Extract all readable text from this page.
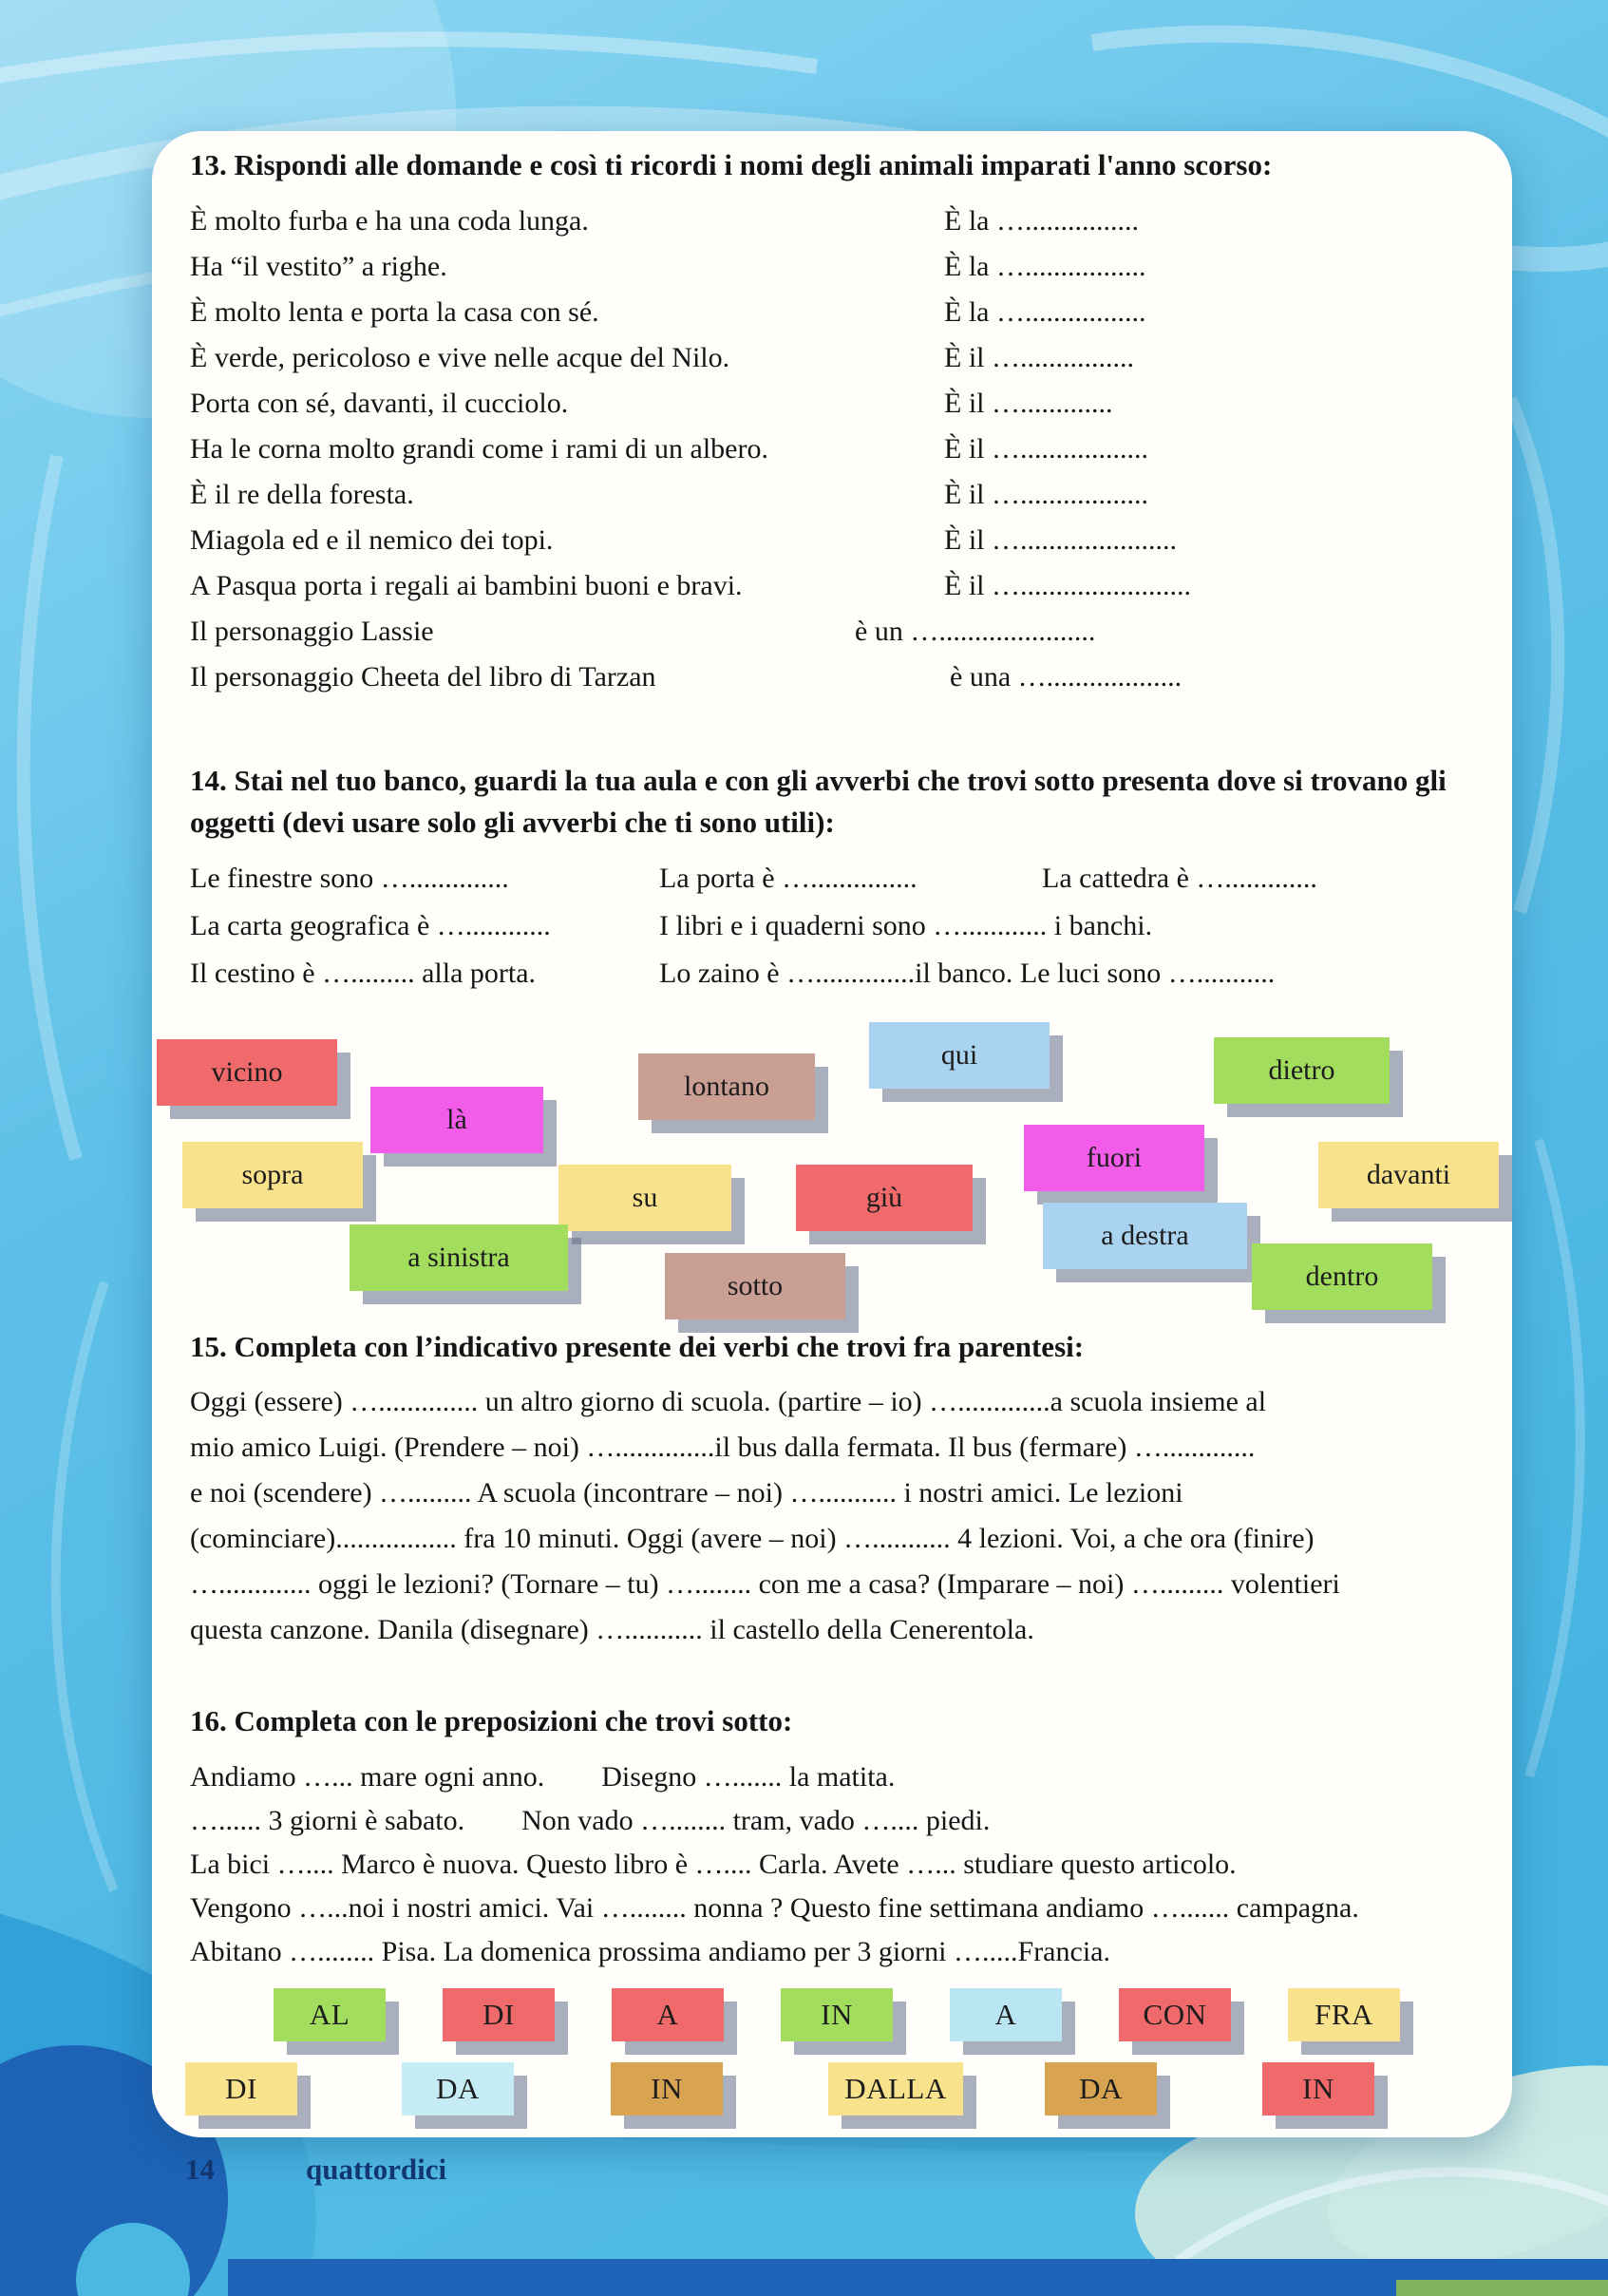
13. Rispondi alle domande e così ti ricordi i nomi degli animali imparati l'anno scorso:
È molto furba e ha una coda lunga.	È la …................
Ha “il vestito” a righe.	È la ….................
È molto lenta e porta la casa con sé.	È la ….................
È verde, pericoloso e vive nelle acque del Nilo.	È il …................
Porta con sé, davanti, il cucciolo.	È il ….............
Ha le corna molto grandi come i rami di un albero.	È il …..................
È il re della foresta.	È il …..................
Miagola ed e il nemico dei topi.	È il …......................
A Pasqua porta i regali ai bambini buoni e bravi.	È il …........................
Il personaggio Lassie	è un …......................
Il personaggio Cheeta del libro di Tarzan	è una …...................
14. Stai nel tuo banco, guardi la tua aula e con gli avverbi che trovi sotto presenta dove si trovano gli oggetti (devi usare solo gli avverbi che ti sono utili):
Le finestre sono …..............	La porta è …...............	La cattedra è ….............
La carta geografica è …............	I libri e i quaderni sono …............ i banchi.
Il cestino è …......... alla porta.	Lo zaino è …..............il banco. Le luci sono …...........
vicino
là
lontano
qui	dietro
sopra
fuori
davanti
su	giù
a destra
a sinistra
sotto	dentro
15. Completa con l’indicativo presente dei verbi che trovi fra parentesi:
Oggi (essere) ….............. un altro giorno di scuola. (partire – io) ….............a scuola insieme al
mio amico Luigi. (Prendere – noi) …..............il bus dalla fermata. Il bus (fermare) ….............
e noi (scendere) …......... A scuola (incontrare – noi) …........... i nostri amici. Le lezioni
(cominciare)................. fra 10 minuti. Oggi (avere – noi) …........... 4 lezioni. Voi, a che ora (finire)
…............. oggi le lezioni? (Tornare – tu) …........ con me a casa? (Imparare – noi) …......... volentieri
questa canzone. Danila (disegnare) …........... il castello della Cenerentola.
16. Completa con le preposizioni che trovi sotto:
Andiamo …... mare ogni anno.  Disegno …....... la matita.
…...... 3 giorni è sabato.  Non vado …........ tram, vado ….... piedi.
La bici ….... Marco è nuova. Questo libro è ….... Carla. Avete …... studiare questo articolo.
Vengono …...noi i nostri amici. Vai …........ nonna ? Questo fine settimana andiamo …....... campagna.
Abitano …........ Pisa. La domenica prossima andiamo per 3 giorni ….....Francia.
AL	DI	A	IN	A	CON	FRA
DI	DA	IN	DALLA	DA	IN
14	quattordici
